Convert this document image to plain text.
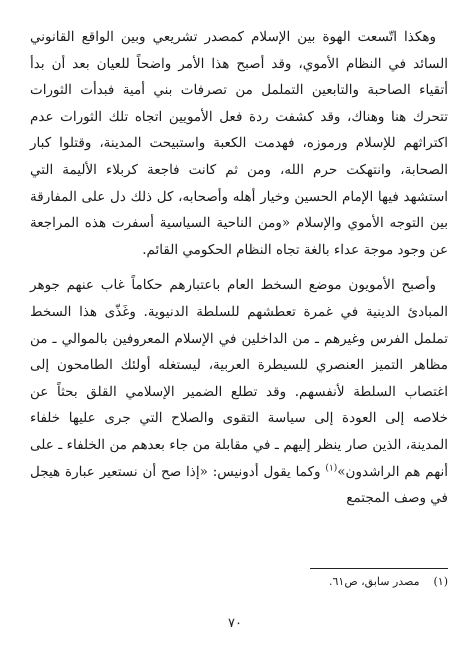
وهكذا اتّسعت الهوة بين الإسلام كمصدر تشريعي وبين الواقع القانوني السائد في النظام الأموي، وقد أصبح هذا الأمر واضحاً للعيان بعد أن بدأ أتقياء الصاحبة والتابعين التململ من تصرفات بني أمية فبدأت الثورات تتحرك هنا وهناك، وقد كشفت ردة فعل الأمويين اتجاه تلك الثورات عدم اكتراثهم للإسلام ورموزه، فهدمت الكعبة واستبيحت المدينة، وقتلوا كبار الصحابة، وانتهكت حرم الله، ومن ثم كانت فاجعة كربلاء الأليمة التي استشهد فيها الإمام الحسين وخيار أهله وأصحابه، كل ذلك دل على المفارقة بين التوجه الأموي والإسلام «ومن الناحية السياسية أسفرت هذه المراجعة عن وجود موجة عداء بالغة تجاه النظام الحكومي القائم.

وأصبح الأمويون موضع السخط العام باعتبارهم حكاماً غاب عنهم جوهر المبادئ الدينية في غمرة تعطشهم للسلطة الدنيوية. وغَذّى هذا السخط تململ الفرس وغيرهم ـ من الداخلين في الإسلام المعروفين بالموالي ـ من مظاهر التميز العنصري للسيطرة العربية، ليستغله أولئك الطامحون إلى اغتصاب السلطة لأنفسهم. وقد تطلع الضمير الإسلامي القلق بحثاً عن خلاصه إلى العودة إلى سياسة التقوى والصلاح التي جرى عليها خلفاء المدينة، الذين صار ينظر إليهم ـ في مقابلة من جاء بعدهم من الخلفاء ـ على أنهم هم الراشدون»$^{(١)}$ وكما يقول أدونيس: «إذا صح أن نستعير عبارة هيجل في وصف المجتمع

(١)    مصدر سابق، ص٦١.
٧٠
